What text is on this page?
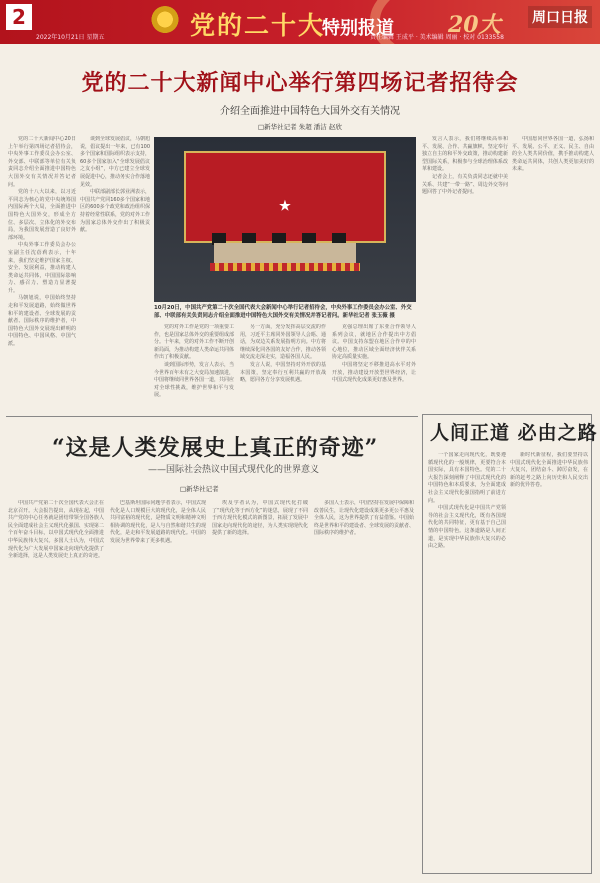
2
2022年10月21日 星期五	党的二十大
特别报道 20大 周口日报
责任编辑 王成平 · 美术编辑 周丽 · 校对 0133558
党的二十大新闻中心举行第四场记者招待会
介绍全面推进中国特色大国外交有关情况
□新华社记者 朱超 潘洁 赵欣

党的二十大新闻中心20日上午举行第四场记者招待会，中央外事工作委员会办公室、外交部、中联部等单位有关负责同志介绍全面推进中国特色大国外交有关情况并答记者问。

党的十八大以来，以习近平同志为核心的党中央统筹国内国际两个大局，全面推进中国特色大国外交，形成全方位、多层次、立体化的外交布局，为我国发展营造了良好外部环境。

中央外事工作委员会办公室副主任沈蓓莉表示，十年来，我们坚定维护国家主权、安全、发展利益，推动构建人类命运共同体，中国国际影响力、感召力、塑造力显著提升。

马朝旭说，中国始终坚持走和平发展道路，始终做世界和平的建设者、全球发展的贡献者、国际秩序的维护者，中国特色大国外交展现出鲜明的中国特色、中国风格、中国气派。

谈到全球发展倡议，马朝旭说，倡议提出一年来，已有100多个国家和国际组织表示支持，60多个国家加入“全球发展倡议之友小组”，中方已建立全球发展促进中心，推动务实合作落地见效。

中联部副部长郭业洲表示，中国共产党同160多个国家和地区的600多个政党和政治组织保持着经常性联系，党的对外工作为国家总体外交作出了积极贡献。

★
10月20日，中国共产党第二十次全国代表大会新闻中心举行记者招待会，中央外事工作委员会办公室、外交部、中联部有关负责同志介绍全面推进中国特色大国外交有关情况并答记者问。新华社记者 张玉薇 摄

党的对外工作是党的一项重要工作，也是国家总体外交的重要组成部分。十年来，党的对外工作不断开创新局面，为推动构建人类命运共同体作出了积极贡献。

谈到国际形势，发言人表示，当今世界百年未有之大变局加速演进，中国将继续同世界各国一道，共同应对全球性挑战，维护世界和平与发展。

另一方面，充分发挥高层交流的作用，习近平主席同外国领导人会晤、通话，为双边关系发展指明方向。中方将继续深化同各国的友好合作，推动各领域交流走深走实，造福各国人民。

发言人说，中国坚持对外开放的基本国策，坚定奉行互利共赢的开放战略，愿同各方分享发展机遇。

克强总理出席了东亚合作领导人系列会议，就地区合作提出中方倡议。中国支持东盟在地区合作中的中心地位，推动区域全面经济伙伴关系协定高质量实施。

中国将坚定不移推进高水平对外开放，推动建设开放型世界经济，让中国式现代化成果更好惠及世界。

发言人表示，我们将继续高举和平、发展、合作、共赢旗帜，坚定奉行独立自主的和平外交政策，推动构建新型国际关系，积极参与全球治理体系改革和建设。

记者会上，有关负责同志还就中美关系、共建“一带一路”、周边外交等问题回答了中外记者提问。

中国愿同世界各国一道，弘扬和平、发展、公平、正义、民主、自由的全人类共同价值，携手推动构建人类命运共同体，共创人类更加美好的未来。

“这是人类发展史上真正的奇迹”
——国际社会热议中国式现代化的世界意义
□新华社记者

中国共产党第二十次全国代表大会正在北京召开。大会报告提出，从现在起，中国共产党的中心任务就是团结带领全国各族人民全面建成社会主义现代化强国、实现第二个百年奋斗目标，以中国式现代化全面推进中华民族伟大复兴。多国人士认为，中国式现代化为广大发展中国家走向现代化提供了全新选择，这是人类发展史上真正的奇迹。

巴基斯坦国际问题学者表示，中国式现代化是人口规模巨大的现代化，是全体人民共同富裕的现代化，是物质文明和精神文明相协调的现代化，是人与自然和谐共生的现代化，是走和平发展道路的现代化。中国的发展为世界带来了更多机遇。

埃及学者认为，中国式现代化打破了“现代化等于西方化”的迷思，展现了不同于西方现代化模式的新图景，拓展了发展中国家走向现代化的途径，为人类实现现代化提供了新的选择。

多国人士表示，中国坚持在发展中保障和改善民生，让现代化建设成果更多更公平惠及全体人民，这为世界提供了有益借鉴。中国始终是世界和平的建设者、全球发展的贡献者、国际秩序的维护者。

人间正道 必由之路

一个国家走向现代化，既要遵循现代化的一般规律，更要符合本国实际，具有本国特色。党的二十大报告深刻阐释了中国式现代化的中国特色和本质要求，为全面建成社会主义现代化强国指明了前进方向。

中国式现代化是中国共产党领导的社会主义现代化，既有各国现代化的共同特征，更有基于自己国情的中国特色。这条道路是人间正道，是实现中华民族伟大复兴的必由之路。

新时代新征程，我们要坚持以中国式现代化全面推进中华民族伟大复兴，团结奋斗、踔厉奋发，在新的赶考之路上向历史和人民交出新的优异答卷。
